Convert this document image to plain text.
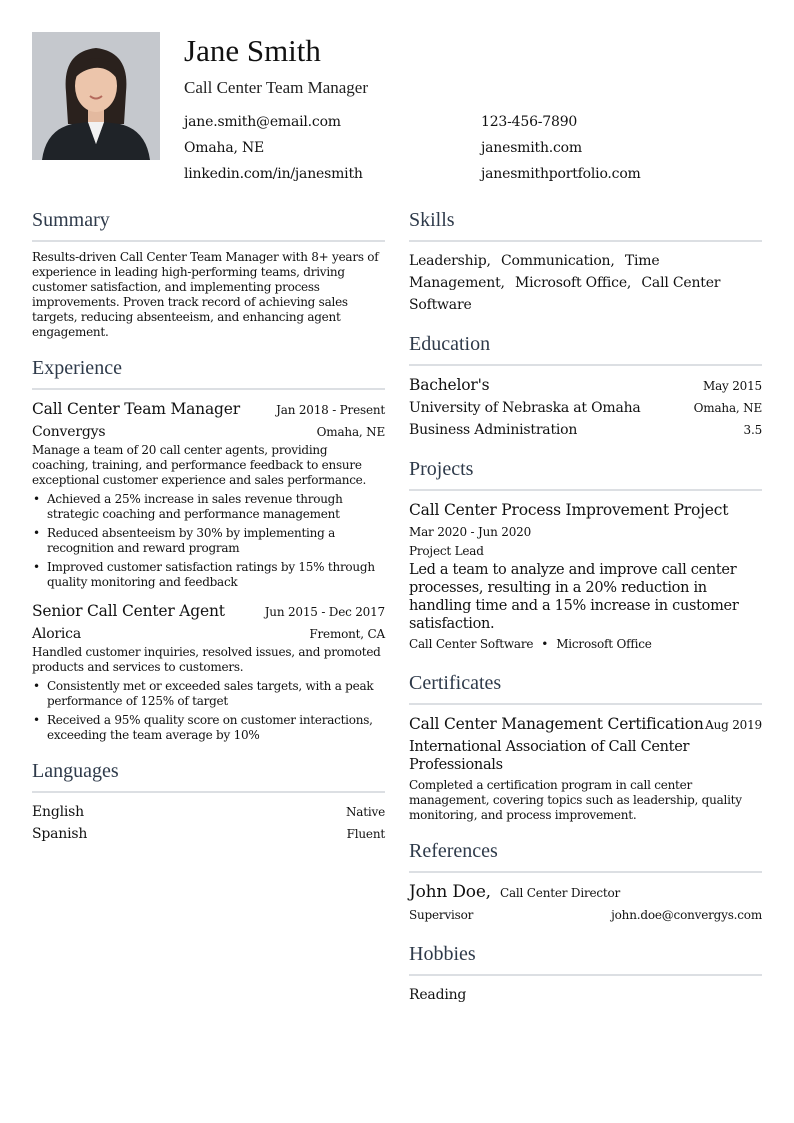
Jane Smith
Call Center Team Manager
jane.smith@email.com	123-456-7890
Omaha, NE	janesmith.com
linkedin.com/in/janesmith	janesmithportfolio.com
Summary
Results-driven Call Center Team Manager with 8+ years of experience in leading high-performing teams, driving customer satisfaction, and implementing process improvements. Proven track record of achieving sales targets, reducing absenteeism, and enhancing agent engagement.
Experience
Call Center Team Manager	Jan 2018 - Present
Convergys	Omaha, NE
Manage a team of 20 call center agents, providing coaching, training, and performance feedback to ensure exceptional customer experience and sales performance.
• Achieved a 25% increase in sales revenue through strategic coaching and performance management
• Reduced absenteeism by 30% by implementing a recognition and reward program
• Improved customer satisfaction ratings by 15% through quality monitoring and feedback
Senior Call Center Agent	Jun 2015 - Dec 2017
Alorica	Fremont, CA
Handled customer inquiries, resolved issues, and promoted products and services to customers.
• Consistently met or exceeded sales targets, with a peak performance of 125% of target
• Received a 95% quality score on customer interactions, exceeding the team average by 10%
Languages
English	Native
Spanish	Fluent
Skills
Leadership, Communication, Time Management, Microsoft Office, Call Center Software
Education
Bachelor's	May 2015
University of Nebraska at Omaha	Omaha, NE
Business Administration	3.5
Projects
Call Center Process Improvement Project
Mar 2020 - Jun 2020
Project Lead
Led a team to analyze and improve call center processes, resulting in a 20% reduction in handling time and a 15% increase in customer satisfaction.
Call Center Software • Microsoft Office
Certificates
Call Center Management Certification Aug 2019
International Association of Call Center Professionals
Completed a certification program in call center management, covering topics such as leadership, quality monitoring, and process improvement.
References
John Doe, Call Center Director
Supervisor	john.doe@convergys.com
Hobbies
Reading
